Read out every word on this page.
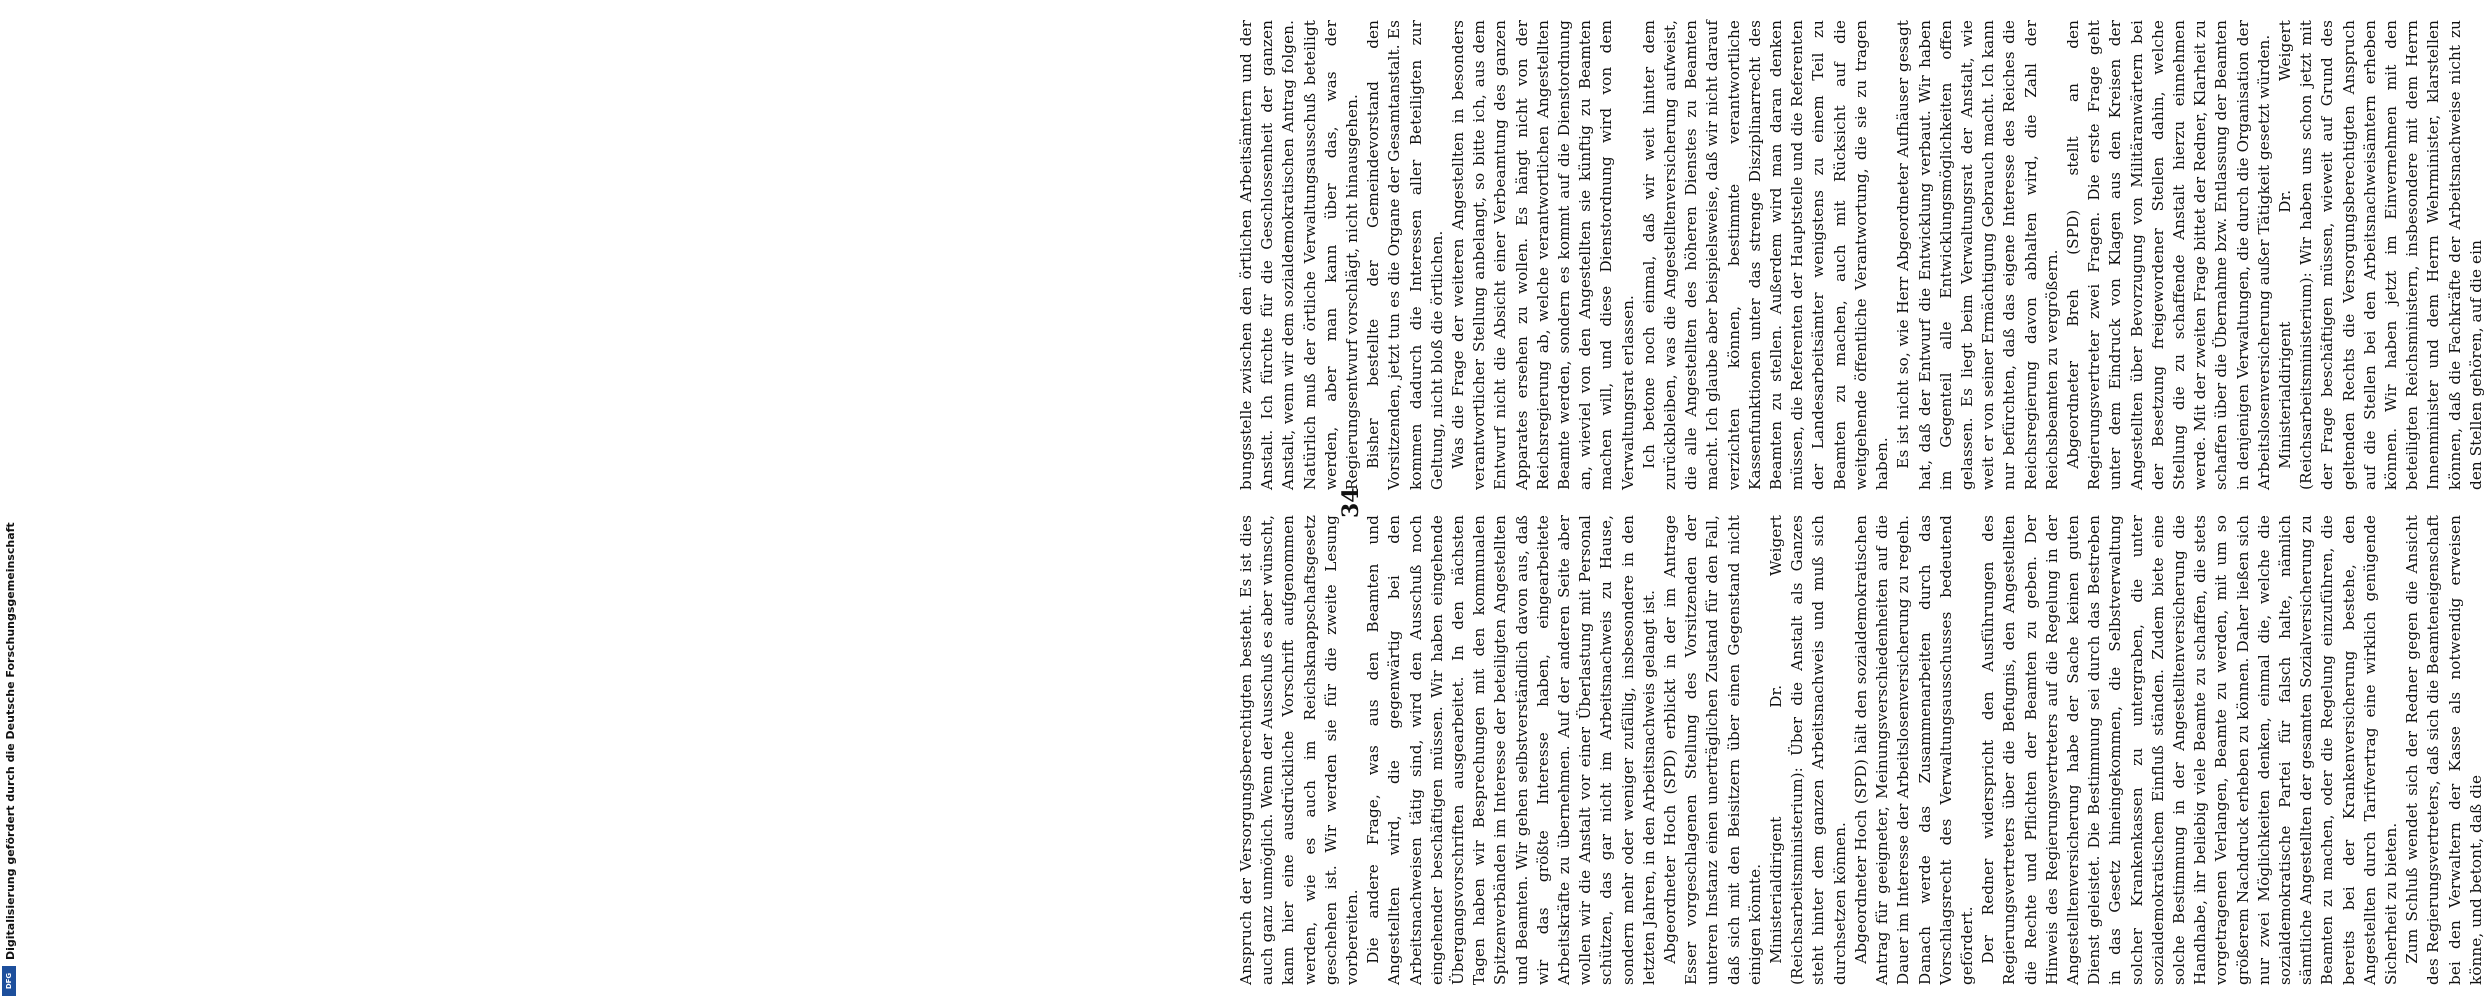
Digitalisierung gefördert durch die Deutsche Forschungsgemeinschaft
DFG
34

bungsstelle zwischen den örtlichen Arbeitsämtern und der Anstalt. Ich fürchte für die Geschlossenheit der ganzen Anstalt, wenn wir dem sozialdemokratischen Antrag folgen. Natürlich muß der örtliche Verwaltungsausschuß beteiligt werden, aber man kann über das, was der Regierungsentwurf vorschlägt, nicht hinausgehen. Bisher bestellte der Gemeindevorstand den Vorsitzenden, jetzt tun es die Organe der Gesamtanstalt. Es kommen dadurch die Interessen aller Beteiligten zur Geltung, nicht bloß die örtlichen. Was die Frage der weiteren Angestellten in besonders verantwortlicher Stellung anbelangt, so bitte ich, aus dem Entwurf nicht die Absicht einer Verbeamtung des ganzen Apparates ersehen zu wollen. Es hängt nicht von der Reichsregierung ab, welche verantwortlichen Angestellten Beamte werden, sondern es kommt auf die Dienstordnung an, wieviel von den Angestellten sie künftig zu Beamten machen will, und diese Dienstordnung wird von dem Verwaltungsrat erlassen. Ich betone noch einmal, daß wir weit hinter dem zurückbleiben, was die Angestelltenversicherung aufweist, die alle Angestellten des höheren Dienstes zu Beamten macht. Ich glaube aber beispielsweise, daß wir nicht darauf verzichten können, bestimmte verantwortliche Kassenfunktionen unter das strenge Disziplinarrecht des Beamten zu stellen. Außerdem wird man daran denken müssen, die Referenten der Hauptstelle und die Referenten der Landesarbeitsämter wenigstens zu einem Teil zu Beamten zu machen, auch mit Rücksicht auf die weitgehende öffentliche Verantwortung, die sie zu tragen haben. Es ist nicht so, wie Herr Abgeordneter Aufhäuser gesagt hat, daß der Entwurf die Entwicklung verbaut. Wir haben im Gegenteil alle Entwicklungsmöglichkeiten offen gelassen. Es liegt beim Verwaltungsrat der Anstalt, wie weit er von seiner Ermächtigung Gebrauch macht. Ich kann nur befürchten, daß das eigene Interesse des Reiches die Reichsregierung davon abhalten wird, die Zahl der Reichsbeamten zu vergrößern. Abgeordneter Breh (SPD) stellt an den Regierungsvertreter zwei Fragen. Die erste Frage geht unter dem Eindruck von Klagen aus den Kreisen der Angestellten über Bevorzugung von Militäranwärtern bei der Besetzung freigewordener Stellen dahin, welche Stellung die zu schaffende Anstalt hierzu einnehmen werde. Mit der zweiten Frage bittet der Redner, Klarheit zu schaffen über die Übernahme bzw. Entlassung der Beamten in denjenigen Verwaltungen, die durch die Organisation der Arbeitslosenversicherung außer Tätigkeit gesetzt würden. Ministerialdirigent Dr. Weigert (Reichsarbeitsministerium): Wir haben uns schon jetzt mit der Frage beschäftigen müssen, wieweit auf Grund des geltenden Rechts die Versorgungsberechtigten Anspruch auf die Stellen bei den Arbeitsnachweisämtern erheben können. Wir haben jetzt im Einvernehmen mit den beteiligten Reichsministern, insbesondere mit dem Herrn Innenminister und dem Herrn Wehrminister, klarstellen können, daß die Fachkräfte der Arbeitsnachweise nicht zu den Stellen gehören, auf die ein

Anspruch der Versorgungsberechtigten besteht. Es ist dies auch ganz unmöglich. Wenn der Ausschuß es aber wünscht, kann hier eine ausdrückliche Vorschrift aufgenommen werden, wie es auch im Reichsknappschaftsgesetz geschehen ist. Wir werden sie für die zweite Lesung vorbereiten. Die andere Frage, was aus den Beamten und Angestellten wird, die gegenwärtig bei den Arbeitsnachweisen tätig sind, wird den Ausschuß noch eingehender beschäftigen müssen. Wir haben eingehende Übergangsvorschriften ausgearbeitet. In den nächsten Tagen haben wir Besprechungen mit den kommunalen Spitzenverbänden im Interesse der beteiligten Angestellten und Beamten. Wir gehen selbstverständlich davon aus, daß wir das größte Interesse haben, eingearbeitete Arbeitskräfte zu übernehmen. Auf der anderen Seite aber wollen wir die Anstalt vor einer Überlastung mit Personal schützen, das gar nicht im Arbeitsnachweis zu Hause, sondern mehr oder weniger zufällig, insbesondere in den letzten Jahren, in den Arbeitsnachweis gelangt ist. Abgeordneter Hoch (SPD) erblickt in der im Antrage Esser vorgeschlagenen Stellung des Vorsitzenden der unteren Instanz einen unerträglichen Zustand für den Fall, daß sich mit den Beisitzern über einen Gegenstand nicht einigen könnte. Ministerialdirigent Dr. Weigert (Reichsarbeitsministerium): Über die Anstalt als Ganzes steht hinter dem ganzen Arbeitsnachweis und muß sich durchsetzen können. Abgeordneter Hoch (SPD) hält den sozialdemokratischen Antrag für geeigneter, Meinungsverschiedenheiten auf die Dauer im Interesse der Arbeitslosenversicherung zu regeln. Danach werde das Zusammenarbeiten durch das Vorschlagsrecht des Verwaltungsausschusses bedeutend gefördert. Der Redner widerspricht den Ausführungen des Regierungsvertreters über die Befugnis, den Angestellten die Rechte und Pflichten der Beamten zu geben. Der Hinweis des Regierungsvertreters auf die Regelung in der Angestelltenversicherung habe der Sache keinen guten Dienst geleistet. Die Bestimmung sei durch das Bestreben in das Gesetz hineingekommen, die Selbstverwaltung solcher Krankenkassen zu untergraben, die unter sozialdemokratischem Einfluß ständen. Zudem biete eine solche Bestimmung in der Angestelltenversicherung die Handhabe, ihr beliebig viele Beamte zu schaffen, die stets vorgetragenen Verlangen, Beamte zu werden, mit um so größerem Nachdruck erheben zu können. Daher ließen sich nur zwei Möglichkeiten denken, einmal die, welche die sozialdemokratische Partei für falsch halte, nämlich sämtliche Angestellten der gesamten Sozialversicherung zu Beamten zu machen, oder die Regelung einzuführen, die bereits bei der Krankenversicherung bestehe, den Angestellten durch Tarifvertrag eine wirklich genügende Sicherheit zu bieten. Zum Schluß wendet sich der Redner gegen die Ansicht des Regierungsvertreters, daß sich die Beamteneigenschaft bei den Verwaltern der Kasse als notwendig erweisen könne, und betont, daß die
